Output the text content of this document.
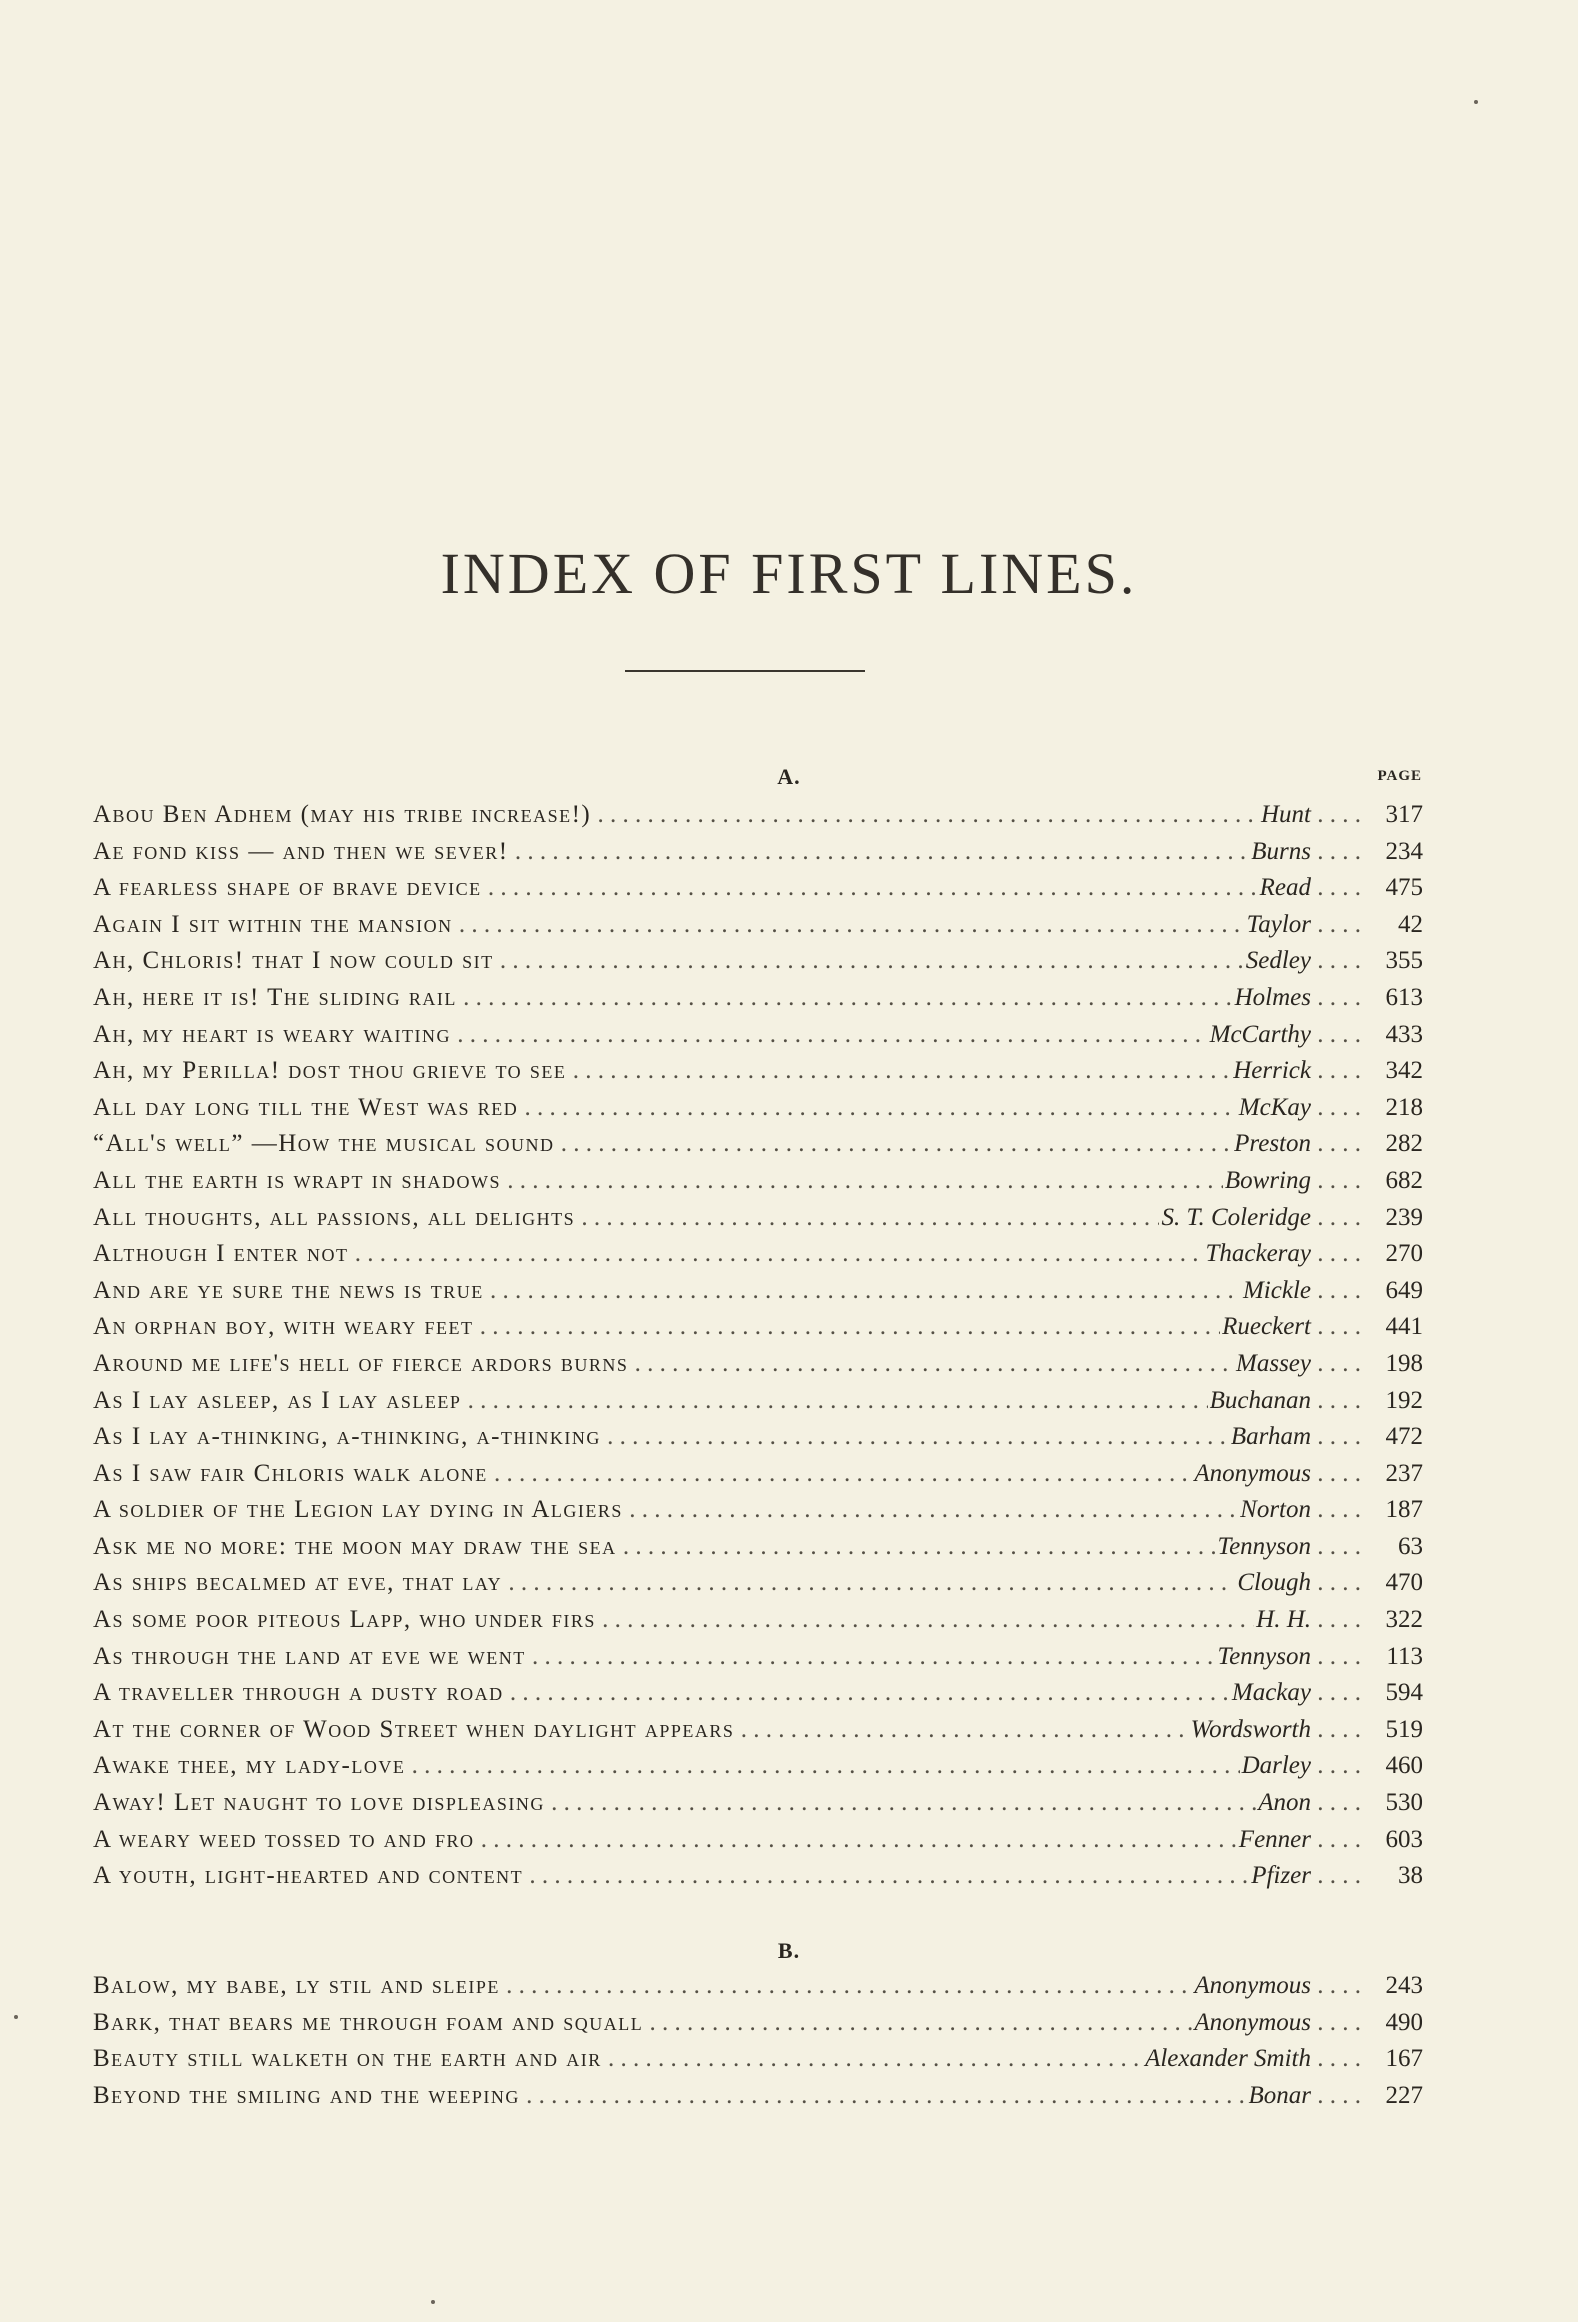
INDEX OF FIRST LINES.
PAGE
A.
Abou Ben Adhem (may his tribe increase!) . . .	Hunt . . . .	317
Ae fond kiss — and then we sever! . . .	Burns . . . .	234
A fearless shape of brave device . . .	Read . . . .	475
Again I sit within the mansion . . .	Taylor . . . .	42
Ah, Chloris! that I now could sit . . .	Sedley . . . .	355
Ah, here it is! The sliding rail . . .	Holmes . . . .	613
Ah, my heart is weary waiting . . .	McCarthy . . . .	433
Ah, my Perilla! dost thou grieve to see . . .	Herrick . . . .	342
All day long till the West was red . . .	McKay . . . .	218
“All's well” —How the musical sound . . .	Preston . . . .	282
All the earth is wrapt in shadows . . .	Bowring . . . .	682
All thoughts, all passions, all delights . . .	S. T. Coleridge . . . .	239
Although I enter not . . .	Thackeray . . . .	270
And are ye sure the news is true . . .	Mickle . . . .	649
An orphan boy, with weary feet . . .	Rueckert . . . .	441
Around me life's hell of fierce ardors burns . . .	Massey . . . .	198
As I lay asleep, as I lay asleep . . .	Buchanan . . . .	192
As I lay a-thinking, a-thinking, a-thinking . . .	Barham . . . .	472
As I saw fair Chloris walk alone . . .	Anonymous . . . .	237
A soldier of the Legion lay dying in Algiers . . .	Norton . . . .	187
Ask me no more: the moon may draw the sea . . .	Tennyson . . . .	63
As ships becalmed at eve, that lay . . .	Clough . . . .	470
As some poor piteous Lapp, who under firs . . .	H. H. . . . .	322
As through the land at eve we went . . .	Tennyson . . . .	113
A traveller through a dusty road . . .	Mackay . . . .	594
At the corner of Wood Street when daylight appears . . .	Wordsworth . . . .	519
Awake thee, my lady-love . . .	Darley . . . .	460
Away! Let naught to love displeasing . . .	Anon . . . .	530
A weary weed tossed to and fro . . .	Fenner . . . .	603
A youth, light-hearted and content . . .	Pfizer . . . .	38
B.
Balow, my babe, ly stil and sleipe . . .	Anonymous . . . .	243
Bark, that bears me through foam and squall . . .	Anonymous . . . .	490
Beauty still walketh on the earth and air . . .	Alexander Smith . . . .	167
Beyond the smiling and the weeping . . .	Bonar . . . .	227
